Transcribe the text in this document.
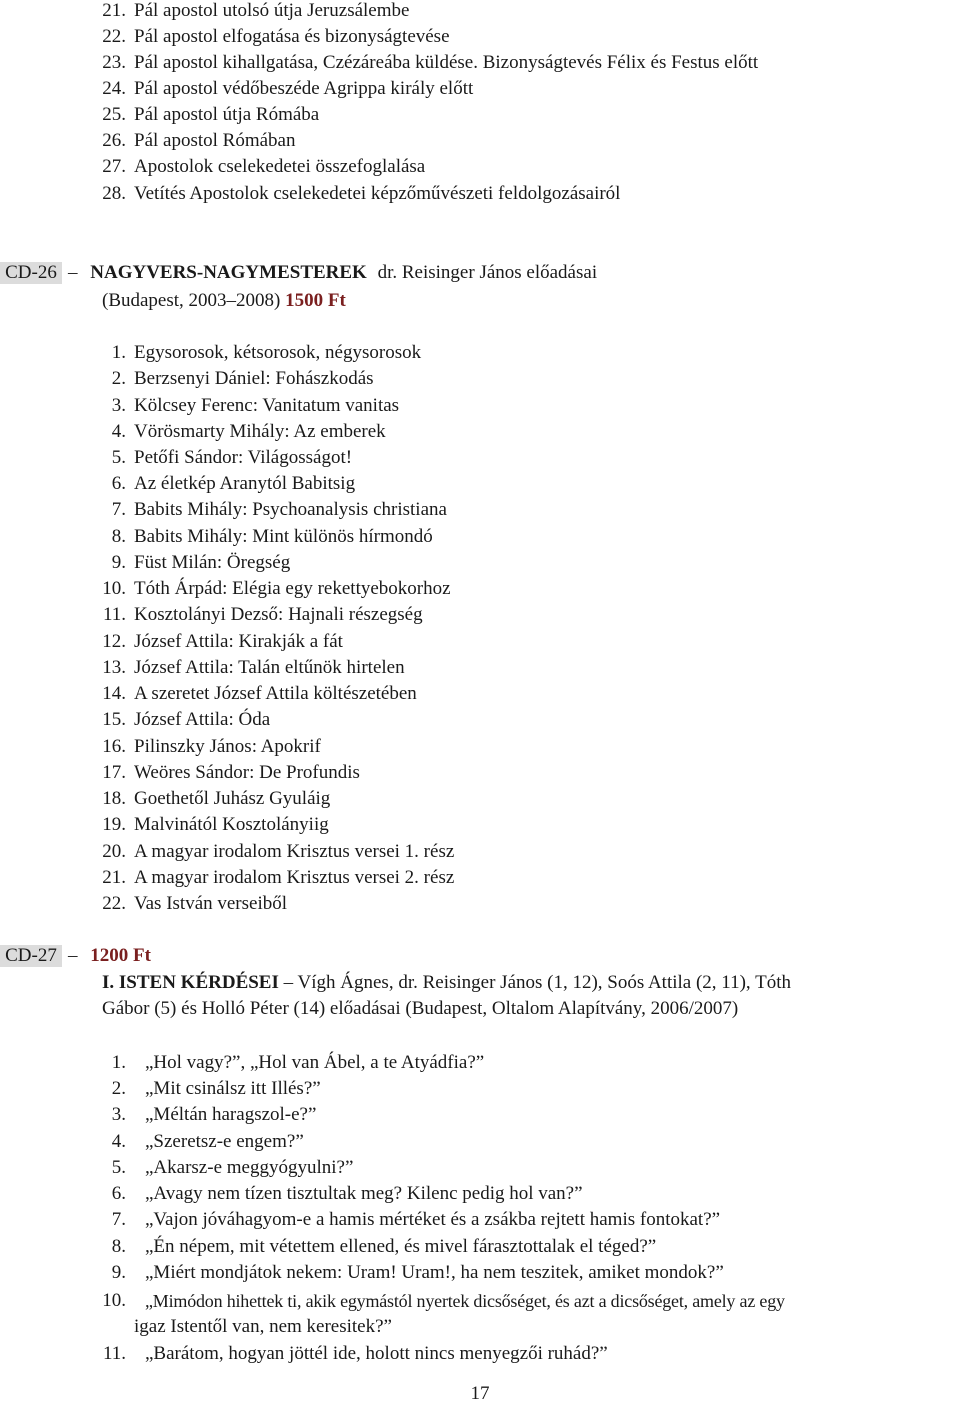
21. Pál apostol utolsó útja Jeruzsálembe
22. Pál apostol elfogatása és bizonyságtevése
23. Pál apostol kihallgatása, Czézáreába küldése. Bizonyságtevés Félix és Festus előtt
24. Pál apostol védőbeszéde Agrippa király előtt
25. Pál apostol útja Rómába
26. Pál apostol Rómában
27. Apostolok cselekedetei összefoglalása
28. Vetítés Apostolok cselekedetei képzőművészeti feldolgozásairól
CD-26 – NAGYVERS-NAGYMESTEREK dr. Reisinger János előadásai
(Budapest, 2003–2008) 1500 Ft
1. Egysorosok, kétsorosok, négysorosok
2. Berzsenyi Dániel: Fohászkodás
3. Kölcsey Ferenc: Vanitatum vanitas
4. Vörösmarty Mihály: Az emberek
5. Petőfi Sándor: Világosságot!
6. Az életkép Aranytól Babitsig
7. Babits Mihály: Psychoanalysis christiana
8. Babits Mihály: Mint különös hírmondó
9. Füst Milán: Öregség
10. Tóth Árpád: Elégia egy rekettyebokorhoz
11. Kosztolányi Dezső: Hajnali részegség
12. József Attila: Kirakják a fát
13. József Attila: Talán eltűnök hirtelen
14. A szeretet József Attila költészetében
15. József Attila: Óda
16. Pilinszky János: Apokrif
17. Weöres Sándor: De Profundis
18. Goethetől Juhász Gyuláig
19. Malvinától Kosztolányiig
20. A magyar irodalom Krisztus versei 1. rész
21. A magyar irodalom Krisztus versei 2. rész
22. Vas István verseiből
CD-27 – 1200 Ft
I. ISTEN KÉRDÉSEI – Vígh Ágnes, dr. Reisinger János (1, 12), Soós Attila (2, 11), Tóth
Gábor (5) és Holló Péter (14) előadásai (Budapest, Oltalom Alapítvány, 2006/2007)
1. „Hol vagy?”, „Hol van Ábel, a te Atyádfia?”
2. „Mit csinálsz itt Illés?”
3. „Méltán haragszol-e?”
4. „Szeretsz-e engem?”
5. „Akarsz-e meggyógyulni?”
6. „Avagy nem tízen tisztultak meg? Kilenc pedig hol van?”
7. „Vajon jóváhagyom-e a hamis mértéket és a zsákba rejtett hamis fontokat?”
8. „Én népem, mit vétettem ellened, és mivel fárasztottalak el téged?”
9. „Miért mondjátok nekem: Uram! Uram!, ha nem teszitek, amiket mondok?”
10. „Mimódon hihettek ti, akik egymástól nyertek dicsőséget, és azt a dicsőséget, amely az egy
igaz Istentől van, nem keresitek?”
11. „Barátom, hogyan jöttél ide, holott nincs menyegzői ruhád?”
17
